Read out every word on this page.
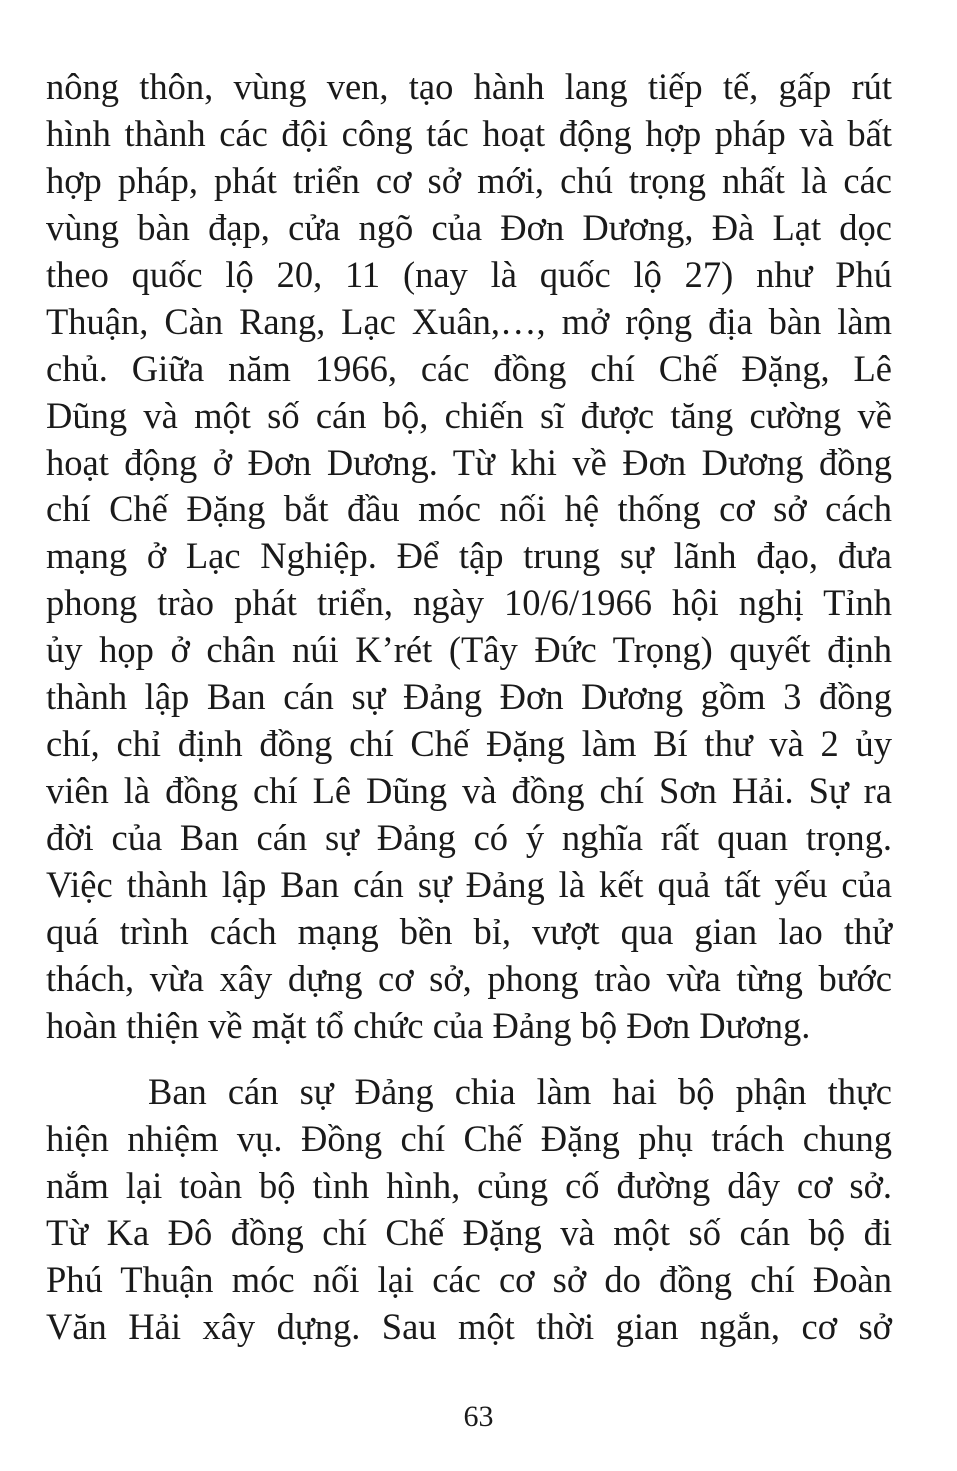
nông thôn, vùng ven, tạo hành lang tiếp tế, gấp rút
hình thành các đội công tác hoạt động hợp pháp và bất
hợp pháp, phát triển cơ sở mới, chú trọng nhất là các
vùng bàn đạp, cửa ngõ của Đơn Dương, Đà Lạt dọc
theo quốc lộ 20, 11 (nay là quốc lộ 27) như Phú
Thuận, Càn Rang, Lạc Xuân,…, mở rộng địa bàn làm
chủ. Giữa năm 1966, các đồng chí Chế Đặng, Lê
Dũng và một số cán bộ, chiến sĩ được tăng cường về
hoạt động ở Đơn Dương. Từ khi về Đơn Dương đồng
chí Chế Đặng bắt đầu móc nối hệ thống cơ sở cách
mạng ở Lạc Nghiệp. Để tập trung sự lãnh đạo, đưa
phong trào phát triển, ngày 10/6/1966 hội nghị Tỉnh
ủy họp ở chân núi K’rét (Tây Đức Trọng) quyết định
thành lập Ban cán sự Đảng Đơn Dương gồm 3 đồng
chí, chỉ định đồng chí Chế Đặng làm Bí thư và 2 ủy
viên là đồng chí Lê Dũng và đồng chí Sơn Hải. Sự ra
đời của Ban cán sự Đảng có ý nghĩa rất quan trọng.
Việc thành lập Ban cán sự Đảng là kết quả tất yếu của
quá trình cách mạng bền bỉ, vượt qua gian lao thử
thách, vừa xây dựng cơ sở, phong trào vừa từng bước
hoàn thiện về mặt tổ chức của Đảng bộ Đơn Dương.
Ban cán sự Đảng chia làm hai bộ phận thực
hiện nhiệm vụ. Đồng chí Chế Đặng phụ trách chung
nắm lại toàn bộ tình hình, củng cố đường dây cơ sở.
Từ Ka Đô đồng chí Chế Đặng và một số cán bộ đi
Phú Thuận móc nối lại các cơ sở do đồng chí Đoàn
Văn Hải xây dựng. Sau một thời gian ngắn, cơ sở
63
